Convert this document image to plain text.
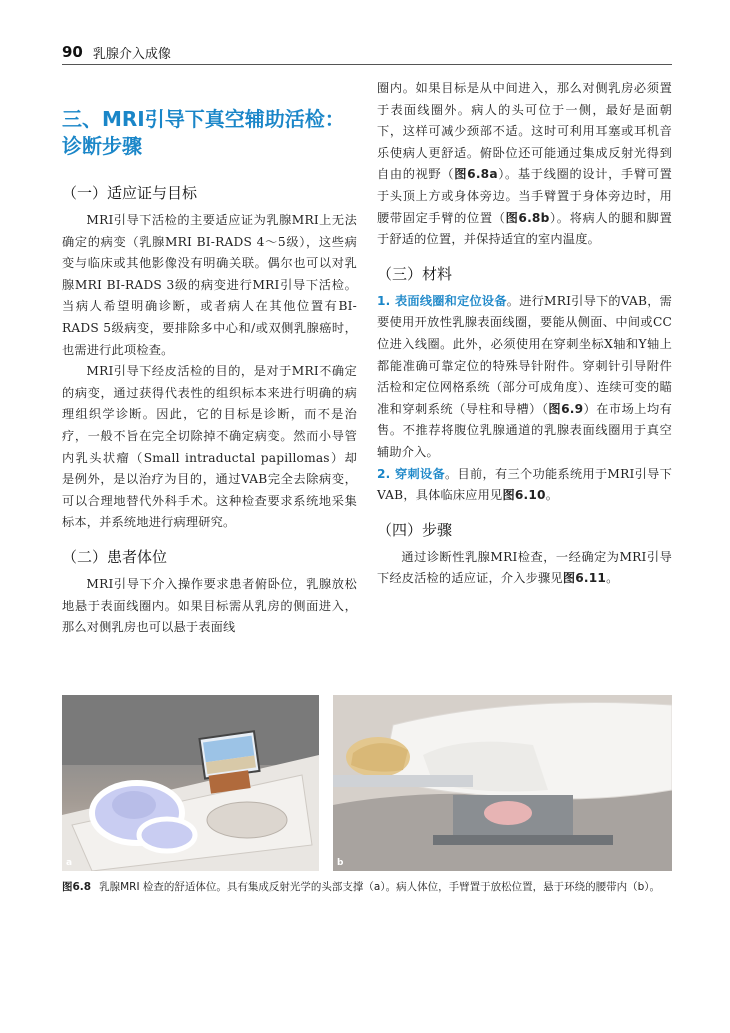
90 乳腺介入成像
三、MRI引导下真空辅助活检：诊断步骤
（一）适应证与目标

MRI引导下活检的主要适应证为乳腺MRI上无法确定的病变（乳腺MRI BI-RADS 4～5级），这些病变与临床或其他影像没有明确关联。偶尔也可以对乳腺MRI BI-RADS 3级的病变进行MRI引导下活检。当病人希望明确诊断，或者病人在其他位置有BI-RADS 5级病变，要排除多中心和/或双侧乳腺癌时，也需进行此项检查。

MRI引导下经皮活检的目的，是对于MRI不确定的病变，通过获得代表性的组织标本来进行明确的病理组织学诊断。因此，它的目标是诊断，而不是治疗，一般不旨在完全切除掉不确定病变。然而小导管内乳头状瘤（Small intraductal papillomas）却是例外，是以治疗为目的，通过VAB完全去除病变，可以合理地替代外科手术。这种检查要求系统地采集标本，并系统地进行病理研究。

（二）患者体位

MRI引导下介入操作要求患者俯卧位，乳腺放松地悬于表面线圈内。如果目标需从乳房的侧面进入，那么对侧乳房也可以悬于表面线

圈内。如果目标是从中间进入，那么对侧乳房必须置于表面线圈外。病人的头可位于一侧，最好是面朝下，这样可减少颈部不适。这时可利用耳塞或耳机音乐使病人更舒适。俯卧位还可能通过集成反射光得到自由的视野（图6.8a）。基于线圈的设计，手臂可置于头顶上方或身体旁边。当手臂置于身体旁边时，用腰带固定手臂的位置（图6.8b）。将病人的腿和脚置于舒适的位置，并保持适宜的室内温度。

（三）材料

1. 表面线圈和定位设备。进行MRI引导下的VAB，需要使用开放性乳腺表面线圈，要能从侧面、中间或CC位进入线圈。此外，必须使用在穿刺坐标X轴和Y轴上都能准确可靠定位的特殊导针附件。穿刺针引导附件活检和定位网格系统（部分可成角度）、连续可变的瞄准和穿刺系统（导柱和导槽）（图6.9）在市场上均有售。不推荐将腹位乳腺通道的乳腺表面线圈用于真空辅助介入。

2. 穿刺设备。目前，有三个功能系统用于MRI引导下VAB，具体临床应用见图6.10。

（四）步骤

通过诊断性乳腺MRI检查，一经确定为MRI引导下经皮活检的适应证，介入步骤见图6.11。

a	b
图6.8 乳腺MRI 检查的舒适体位。具有集成反射光学的头部支撑（a）。病人体位，手臂置于放松位置，悬于环绕的腰带内（b）。
